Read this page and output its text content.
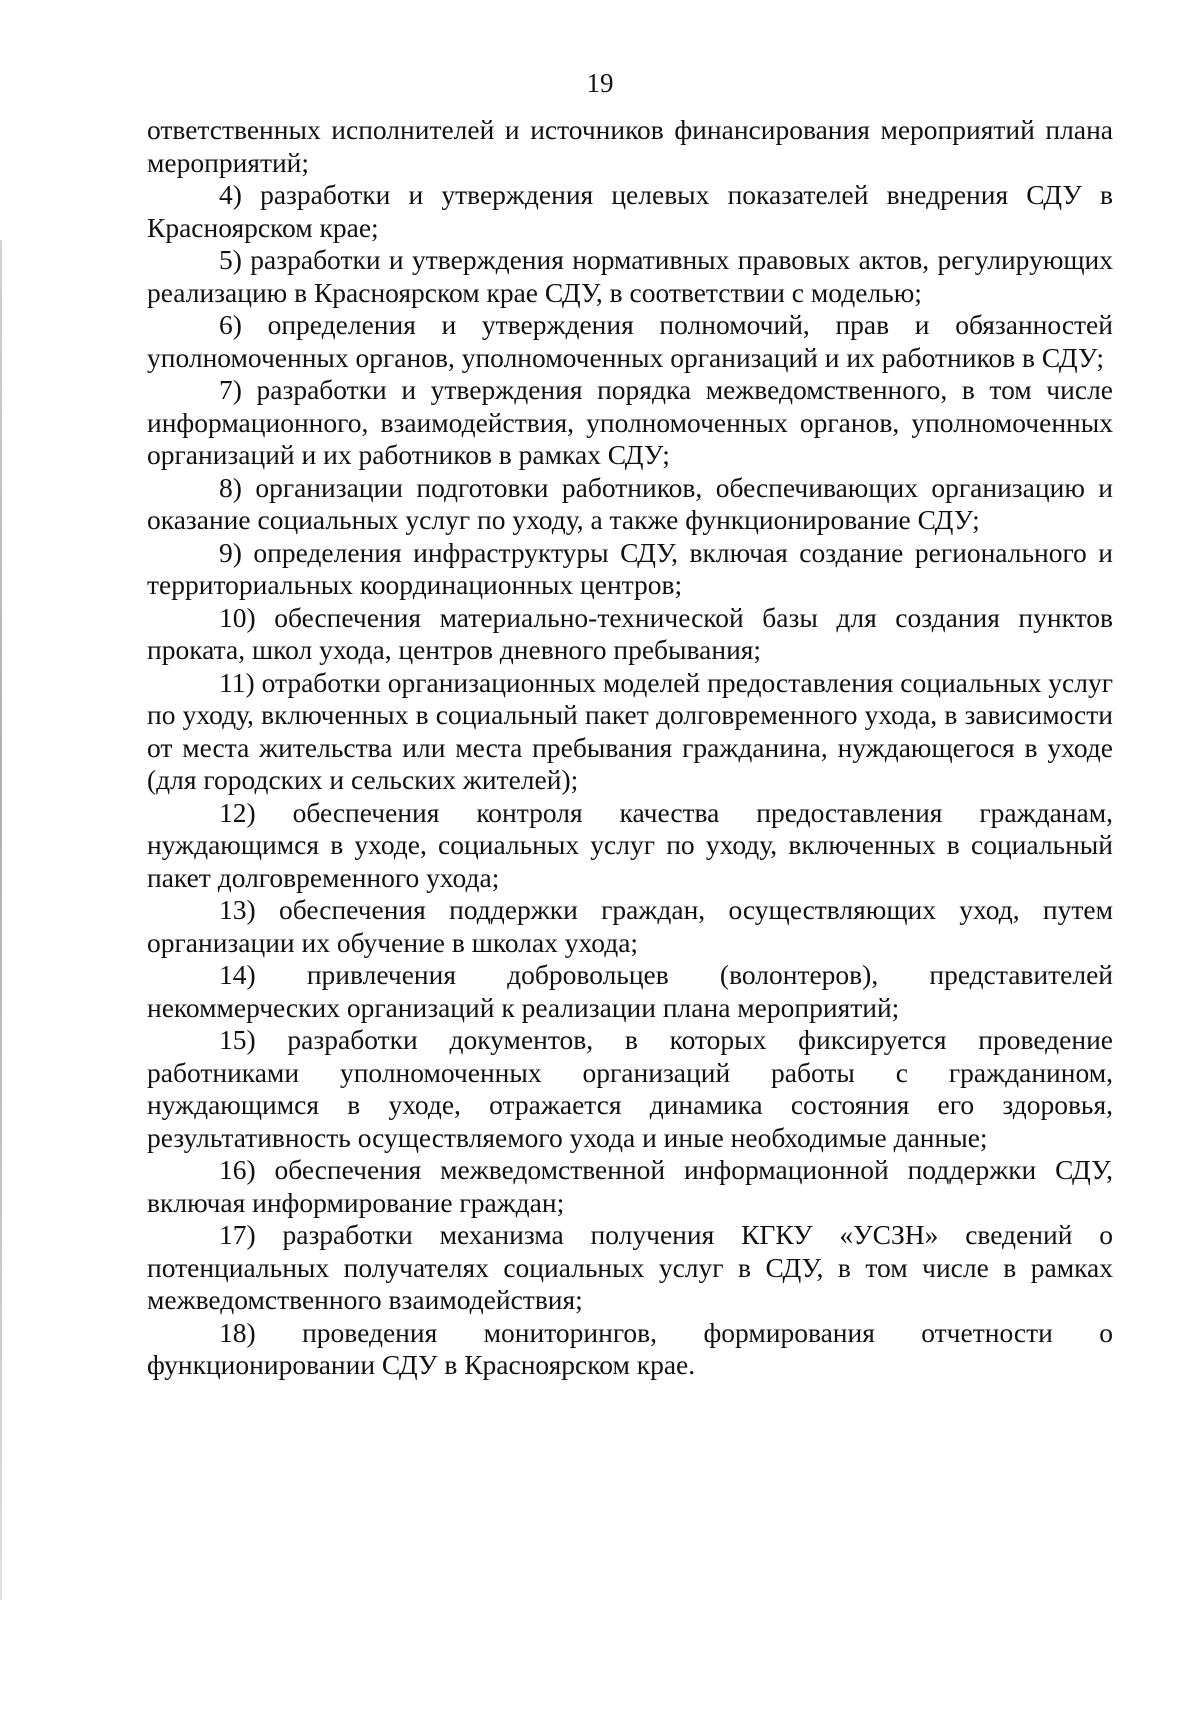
19

ответственных исполнителей и источников финансирования мероприятий плана мероприятий;

4) разработки и утверждения целевых показателей внедрения СДУ в Красноярском крае;

5) разработки и утверждения нормативных правовых актов, регулирующих реализацию в Красноярском крае СДУ, в соответствии с моделью;

6) определения и утверждения полномочий, прав и обязанностей уполномоченных органов, уполномоченных организаций и их работников в СДУ;

7) разработки и утверждения порядка межведомственного, в том числе информационного, взаимодействия, уполномоченных органов, уполномоченных организаций и их работников в рамках СДУ;

8) организации подготовки работников, обеспечивающих организацию и оказание социальных услуг по уходу, а также функционирование СДУ;

9) определения инфраструктуры СДУ, включая создание регионального и территориальных координационных центров;

10) обеспечения материально-технической базы для создания пунктов проката, школ ухода, центров дневного пребывания;

11) отработки организационных моделей предоставления социальных услуг по уходу, включенных в социальный пакет долговременного ухода, в зависимости от места жительства или места пребывания гражданина, нуждающегося в уходе (для городских и сельских жителей);

12) обеспечения контроля качества предоставления гражданам, нуждающимся в уходе, социальных услуг по уходу, включенных в социальный пакет долговременного ухода;

13) обеспечения поддержки граждан, осуществляющих уход, путем организации их обучение в школах ухода;

14) привлечения добровольцев (волонтеров), представителей некоммерческих организаций к реализации плана мероприятий;

15) разработки документов, в которых фиксируется проведение работниками уполномоченных организаций работы с гражданином, нуждающимся в уходе, отражается динамика состояния его здоровья, результативность осуществляемого ухода и иные необходимые данные;

16) обеспечения межведомственной информационной поддержки СДУ, включая информирование граждан;

17) разработки механизма получения КГКУ «УСЗН» сведений о потенциальных получателях социальных услуг в СДУ, в том числе в рамках межведомственного взаимодействия;

18) проведения мониторингов, формирования отчетности о функционировании СДУ в Красноярском крае.
